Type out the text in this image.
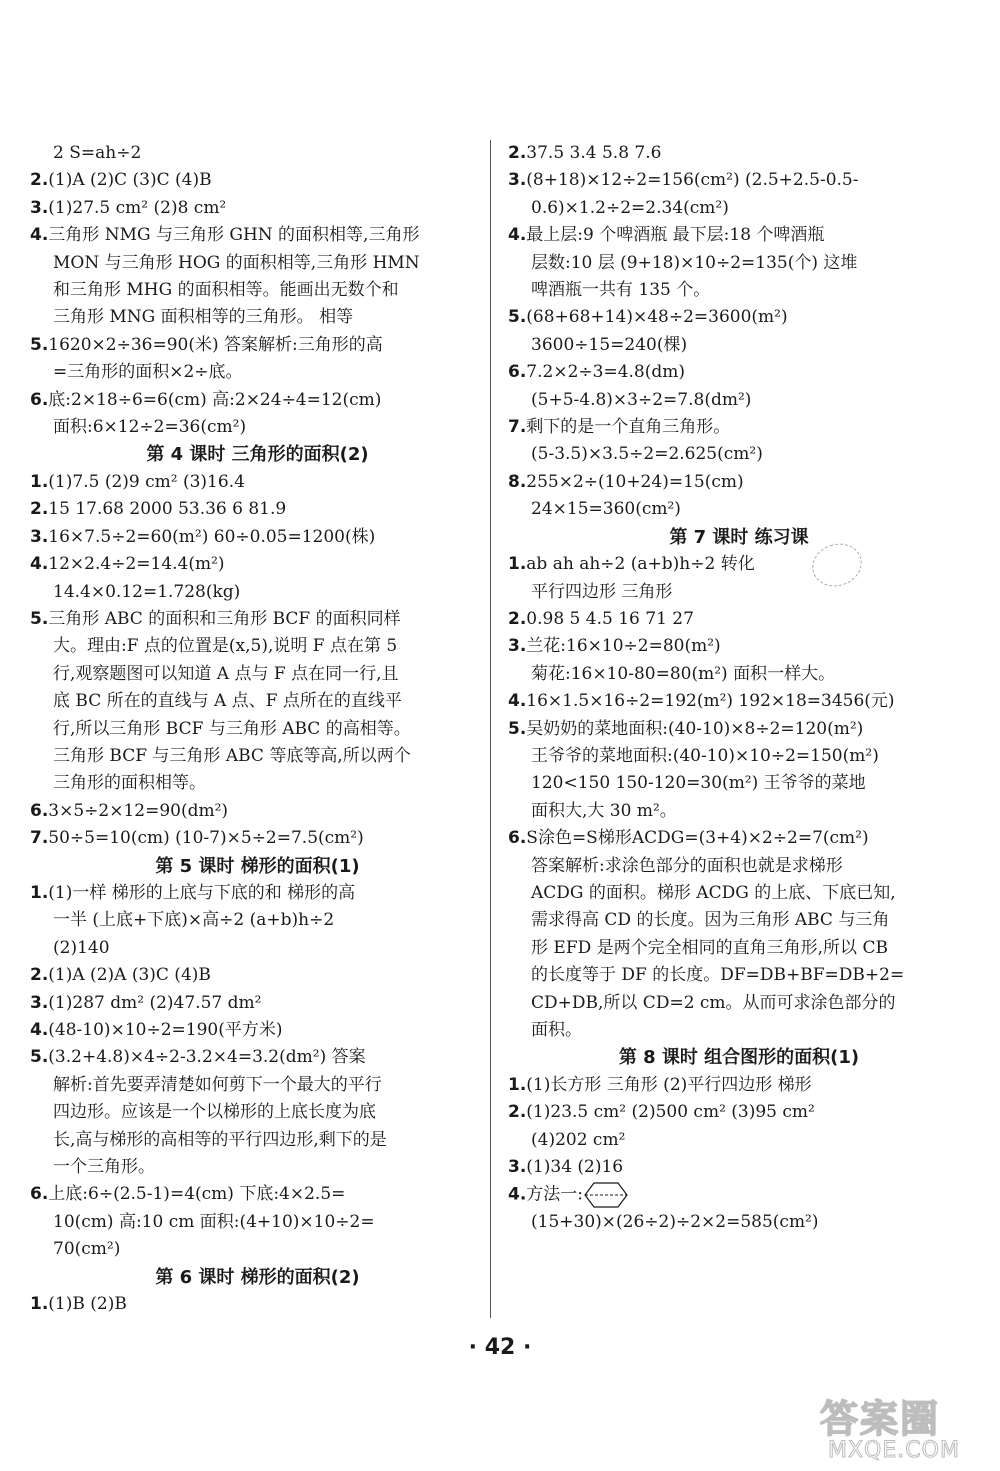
2 S=ah÷2
2.(1)A (2)C (3)C (4)B
3.(1)27.5 cm² (2)8 cm²
4.三角形 NMG 与三角形 GHN 的面积相等,三角形
MON 与三角形 HOG 的面积相等,三角形 HMN
和三角形 MHG 的面积相等。能画出无数个和
三角形 MNG 面积相等的三角形。 相等
5.1620×2÷36=90(米) 答案解析:三角形的高
=三角形的面积×2÷底。
6.底:2×18÷6=6(cm) 高:2×24÷4=12(cm)
面积:6×12÷2=36(cm²)
第 4 课时 三角形的面积(2)
1.(1)7.5 (2)9 cm² (3)16.4
2.15 17.68 2000 53.36 6 81.9
3.16×7.5÷2=60(m²) 60÷0.05=1200(株)
4.12×2.4÷2=14.4(m²)
14.4×0.12=1.728(kg)
5.三角形 ABC 的面积和三角形 BCF 的面积同样
大。理由:F 点的位置是(x,5),说明 F 点在第 5
行,观察题图可以知道 A 点与 F 点在同一行,且
底 BC 所在的直线与 A 点、F 点所在的直线平
行,所以三角形 BCF 与三角形 ABC 的高相等。
三角形 BCF 与三角形 ABC 等底等高,所以两个
三角形的面积相等。
6.3×5÷2×12=90(dm²)
7.50÷5=10(cm) (10-7)×5÷2=7.5(cm²)
第 5 课时 梯形的面积(1)
1.(1)一样 梯形的上底与下底的和 梯形的高
一半 (上底+下底)×高÷2 (a+b)h÷2
(2)140
2.(1)A (2)A (3)C (4)B
3.(1)287 dm² (2)47.57 dm²
4.(48-10)×10÷2=190(平方米)
5.(3.2+4.8)×4÷2-3.2×4=3.2(dm²) 答案
解析:首先要弄清楚如何剪下一个最大的平行
四边形。应该是一个以梯形的上底长度为底
长,高与梯形的高相等的平行四边形,剩下的是
一个三角形。
6.上底:6÷(2.5-1)=4(cm) 下底:4×2.5=
10(cm) 高:10 cm 面积:(4+10)×10÷2=
70(cm²)
第 6 课时 梯形的面积(2)
1.(1)B (2)B
2.37.5 3.4 5.8 7.6
3.(8+18)×12÷2=156(cm²) (2.5+2.5-0.5-
0.6)×1.2÷2=2.34(cm²)
4.最上层:9 个啤酒瓶 最下层:18 个啤酒瓶
层数:10 层 (9+18)×10÷2=135(个) 这堆
啤酒瓶一共有 135 个。
5.(68+68+14)×48÷2=3600(m²)
3600÷15=240(棵)
6.7.2×2÷3=4.8(dm)
(5+5-4.8)×3÷2=7.8(dm²)
7.剩下的是一个直角三角形。
(5-3.5)×3.5÷2=2.625(cm²)
8.255×2÷(10+24)=15(cm)
24×15=360(cm²)
第 7 课时 练习课
1.ab ah ah÷2 (a+b)h÷2 转化
平行四边形 三角形
2.0.98 5 4.5 16 71 27
3.兰花:16×10÷2=80(m²)
菊花:16×10-80=80(m²) 面积一样大。
4.16×1.5×16÷2=192(m²) 192×18=3456(元)
5.吴奶奶的菜地面积:(40-10)×8÷2=120(m²)
王爷爷的菜地面积:(40-10)×10÷2=150(m²)
120<150 150-120=30(m²) 王爷爷的菜地
面积大,大 30 m²。
6.S涂色=S梯形ACDG=(3+4)×2÷2=7(cm²)
答案解析:求涂色部分的面积也就是求梯形
ACDG 的面积。梯形 ACDG 的上底、下底已知,
需求得高 CD 的长度。因为三角形 ABC 与三角
形 EFD 是两个完全相同的直角三角形,所以 CB
的长度等于 DF 的长度。DF=DB+BF=DB+2=
CD+DB,所以 CD=2 cm。从而可求涂色部分的
面积。
第 8 课时 组合图形的面积(1)
1.(1)长方形 三角形 (2)平行四边形 梯形
2.(1)23.5 cm² (2)500 cm² (3)95 cm²
(4)202 cm²
3.(1)34 (2)16
4.方法一:
(15+30)×(26÷2)÷2×2=585(cm²)
· 42 ·
答案圈
MXQE.COM
